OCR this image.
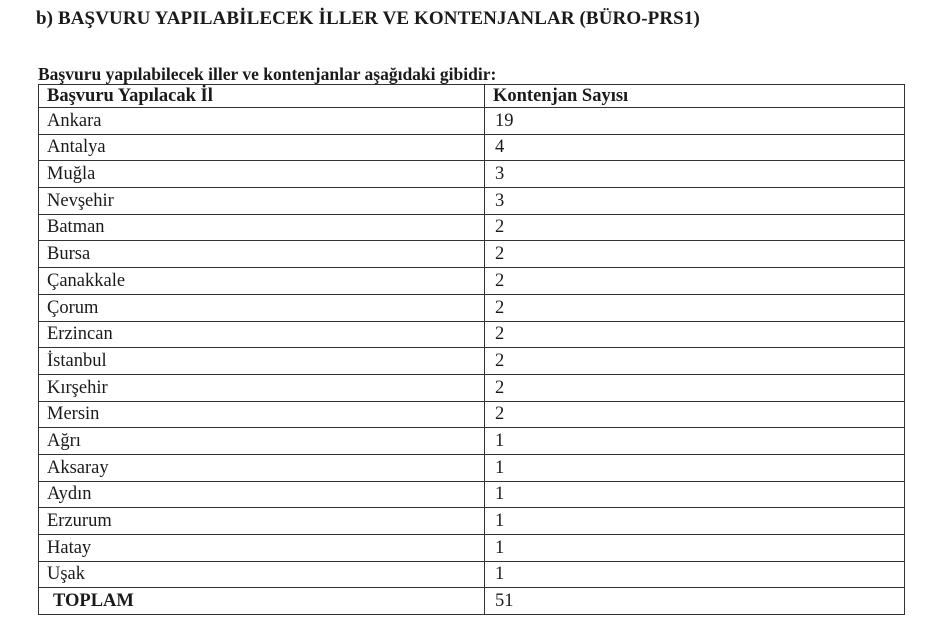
b) BAŞVURU YAPILABİLECEK İLLER VE KONTENJANLAR (BÜRO-PRS1)

Başvuru yapılabilecek iller ve kontenjanlar aşağıdaki gibidir:

Başvuru Yapılacak İl	Kontenjan Sayısı
Ankara	19
Antalya	4
Muğla	3
Nevşehir	3
Batman	2
Bursa	2
Çanakkale	2
Çorum	2
Erzincan	2
İstanbul	2
Kırşehir	2
Mersin	2
Ağrı	1
Aksaray	1
Aydın	1
Erzurum	1
Hatay	1
Uşak	1
TOPLAM	51
